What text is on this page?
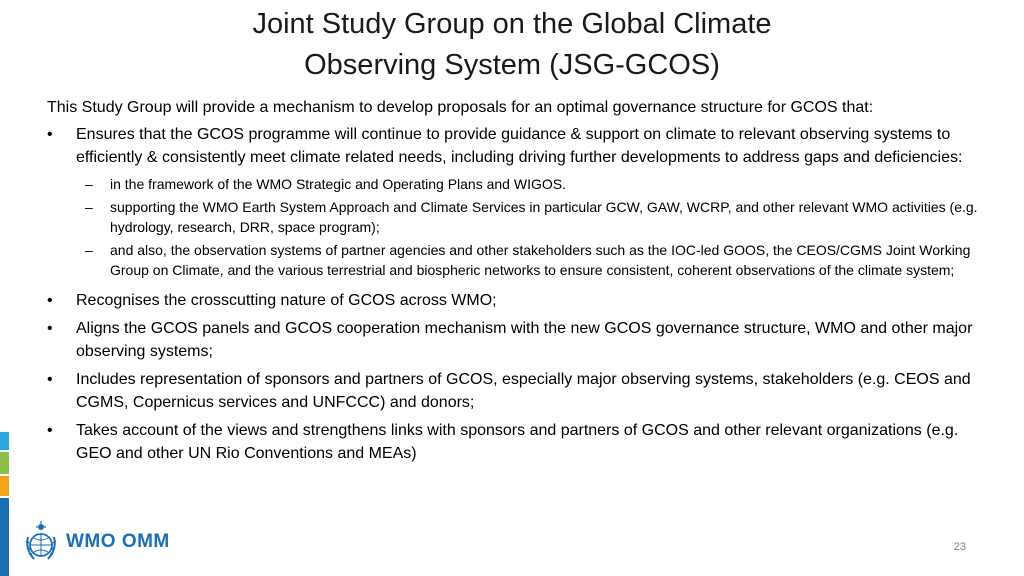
Joint Study Group on the Global Climate
Observing System (JSG-GCOS)

This Study Group will provide a mechanism to develop proposals for an optimal governance structure for GCOS that:

•	Ensures that the GCOS programme will continue to provide guidance & support on climate to relevant observing systems to efficiently & consistently meet climate related needs, including driving further developments to address gaps and deficiencies:
– in the framework of the WMO Strategic and Operating Plans and WIGOS.
– supporting the WMO Earth System Approach and Climate Services in particular GCW, GAW, WCRP, and other relevant WMO activities (e.g. hydrology, research, DRR, space program);
– and also, the observation systems of partner agencies and other stakeholders such as the IOC-led GOOS, the CEOS/CGMS Joint Working Group on Climate, and the various terrestrial and biospheric networks to ensure consistent, coherent observations of the climate system;
•	Recognises the crosscutting nature of GCOS across WMO;
•	Aligns the GCOS panels and GCOS cooperation mechanism with the new GCOS governance structure, WMO and other major observing systems;
•	Includes representation of sponsors and partners of GCOS, especially major observing systems, stakeholders (e.g. CEOS and CGMS, Copernicus services and UNFCCC) and donors;
•	Takes account of the views and strengthens links with sponsors and partners of GCOS and other relevant organizations (e.g. GEO and other UN Rio Conventions and MEAs)
WMO OMM	23
